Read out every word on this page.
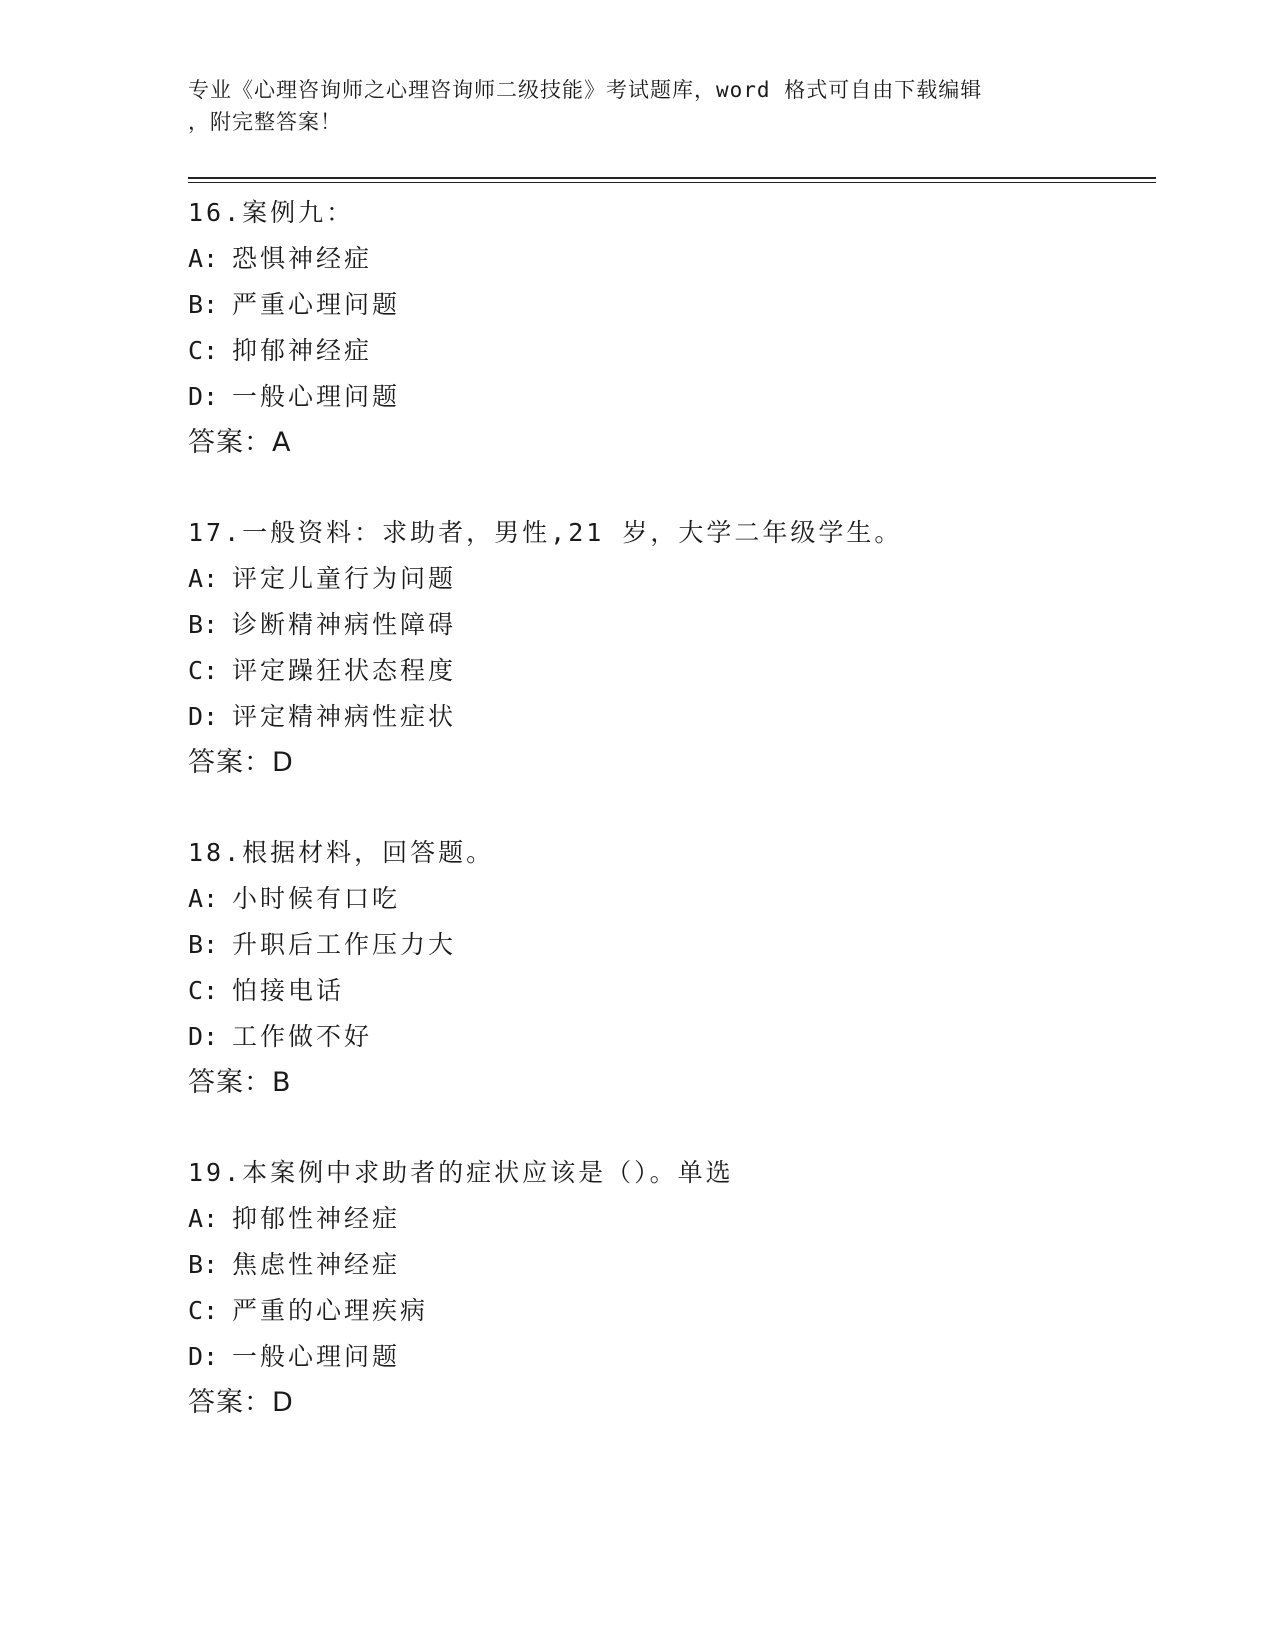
专业《心理咨询师之心理咨询师二级技能》考试题库，word 格式可自由下载编辑
，附完整答案！
16.案例九：
A: 恐惧神经症
B: 严重心理问题
C: 抑郁神经症
D: 一般心理问题
答案：A
17.一般资料：求助者，男性,21 岁，大学二年级学生。
A: 评定儿童行为问题
B: 诊断精神病性障碍
C: 评定躁狂状态程度
D: 评定精神病性症状
答案：D
18.根据材料，回答题。
A: 小时候有口吃
B: 升职后工作压力大
C: 怕接电话
D: 工作做不好
答案：B
19.本案例中求助者的症状应该是（）。单选
A: 抑郁性神经症
B: 焦虑性神经症
C: 严重的心理疾病
D: 一般心理问题
答案：D
